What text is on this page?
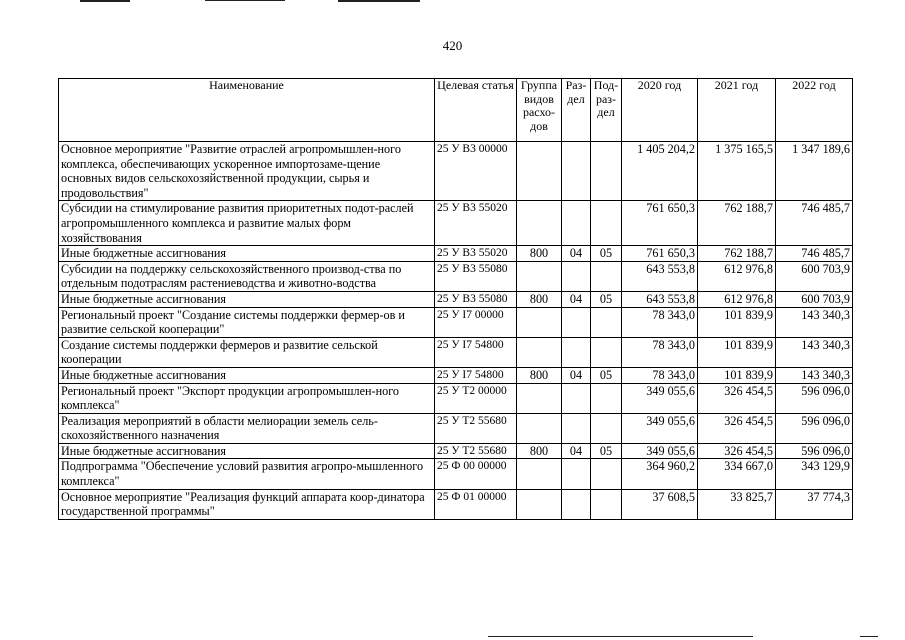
420
Наименование	Целевая статья	Группа видов расхо-дов	Раз-дел	Под-раз-дел	2020 год	2021 год	2022 год
Основное мероприятие "Развитие отраслей агропромышлен-ного комплекса, обеспечивающих ускоренное импортозаме-щение основных видов сельскохозяйственной продукции, сырья и продовольствия"	25 У В3 00000				1 405 204,2	1 375 165,5	1 347 189,6
Субсидии на стимулирование развития приоритетных подот-раслей агропромышленного комплекса и развитие малых форм хозяйствования	25 У В3 55020				761 650,3	762 188,7	746 485,7
Иные бюджетные ассигнования	25 У В3 55020	800	04	05	761 650,3	762 188,7	746 485,7
Субсидии на поддержку сельскохозяйственного производ-ства по отдельным подотраслям растениеводства и животно-водства	25 У В3 55080				643 553,8	612 976,8	600 703,9
Иные бюджетные ассигнования	25 У В3 55080	800	04	05	643 553,8	612 976,8	600 703,9
Региональный проект "Создание системы поддержки фермер-ов и развитие сельской кооперации"	25 У I7 00000				78 343,0	101 839,9	143 340,3
Создание системы поддержки фермеров и развитие сельской кооперации	25 У I7 54800				78 343,0	101 839,9	143 340,3
Иные бюджетные ассигнования	25 У I7 54800	800	04	05	78 343,0	101 839,9	143 340,3
Региональный проект "Экспорт продукции агропромышлен-ного комплекса"	25 У Т2 00000				349 055,6	326 454,5	596 096,0
Реализация мероприятий в области мелиорации земель сель-скохозяйственного назначения	25 У Т2 55680				349 055,6	326 454,5	596 096,0
Иные бюджетные ассигнования	25 У Т2 55680	800	04	05	349 055,6	326 454,5	596 096,0
Подпрограмма "Обеспечение условий развития агропро-мышленного комплекса"	25 Ф 00 00000				364 960,2	334 667,0	343 129,9
Основное мероприятие "Реализация функций аппарата коор-динатора государственной программы"	25 Ф 01 00000				37 608,5	33 825,7	37 774,3
